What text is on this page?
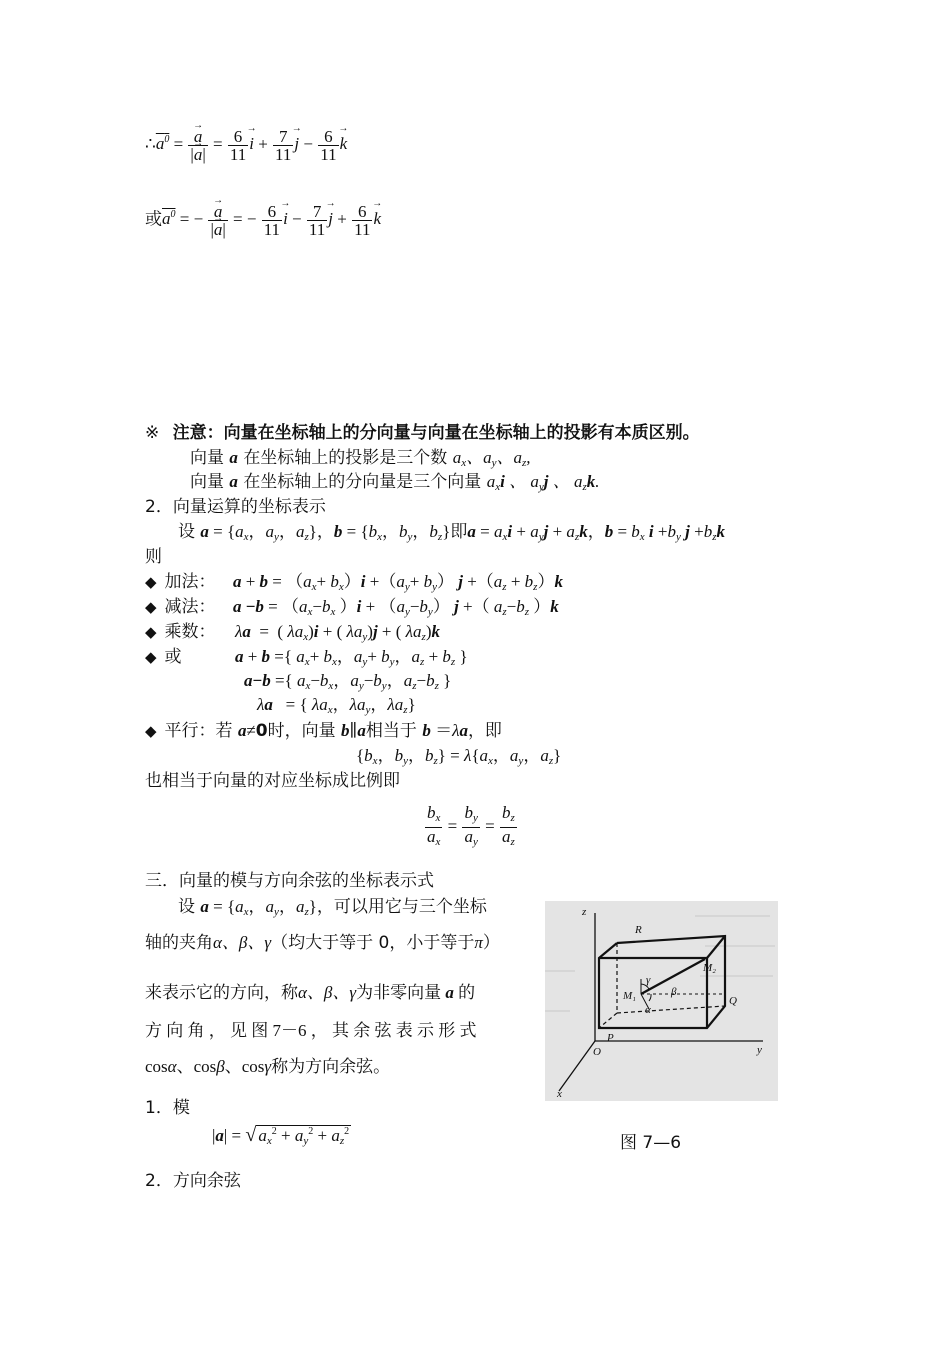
$\therefore a^0$ = → $\frac{a}{|\to a|} = \frac{6}{11} \to i + \frac{7}{11} \to j - \frac{6}{11} \to k$
或$a^0$ = − → $\frac{a}{|\to a|}$ = − $\frac{6}{11} \to i - \frac{7}{11} \to j + \frac{6}{11} \to k$
※ 注意：向量在坐标轴上的分向量与向量在坐标轴上的投影有本质区别。
向量 a 在坐标轴上的投影是三个数 $a_x$、$a_y$、$a_z$,
向量 a 在坐标轴上的分向量是三个向量 $a_xi$ 、 $a_yj$ 、 $a_zk$.
2．向量运算的坐标表示
设 $a = \{a_x$，$a_y$，$a_z$}，$b = \{b_x$，$b_y$，$b_z$}即$a = a_xi + a_yj + a_zk$，$b = b_x$ $i +b_y$ $j +b_zk$
则
◆ 加法： $a + b = (a_x+ b_x)i +(a_y+ b_y)$ $j +(a_z + b_z)k$
◆ 减法： $a -b = (a_x-b_x$ ）$i + (a_y-b_y)$ j +（ $a_z-b_z$ ）k
◆ 乘数： λa  =  ( $\lambda a_x)i$ + ( $\lambda a_y)j$ + ( $\lambda a_z)k$
◆ 或	a + b ={ $a_x+ b_x$，$a_y+ b_y$，$a_z + b_z$ }
a−b ={ $a_x-b_x$，$a_y-b_y$，$a_z-b_z$ }
λa   = { $\lambda a_x$，$\lambda a_y$，$\lambda a_z$}
◆ 平行：若 a≠0时，向量 b∥a相当于 b ＝λa，即
{$b_x$，$b_y$，$b_z\} = \lambda\{a_x$，$a_y$，$a_z$}
也相当于向量的对应坐标成比例即
$\frac{b_x}{a_x} = \frac{b_y}{a_y} = \frac{b_z}{a_z}$
三．向量的模与方向余弦的坐标表示式
设 $a = \{a_x$，$a_y$，$a_z$}，可以用它与三个坐标
轴的夹角α、β、γ（均大于等于 0，小于等于π）
来表示它的方向，称α、β、γ为非零向量 a 的
方 向 角 ， 见 图 7－6 ， 其 余 弦 表 示 形 式
cosα、cosβ、cosγ称为方向余弦。
1．模
|a| = √ $a_x^2 + a_y^2 + a_z^2$
图 7—6
2．方向余弦
z
R
M₂
γ
M₁	β
Q
α
P
O	y
x
